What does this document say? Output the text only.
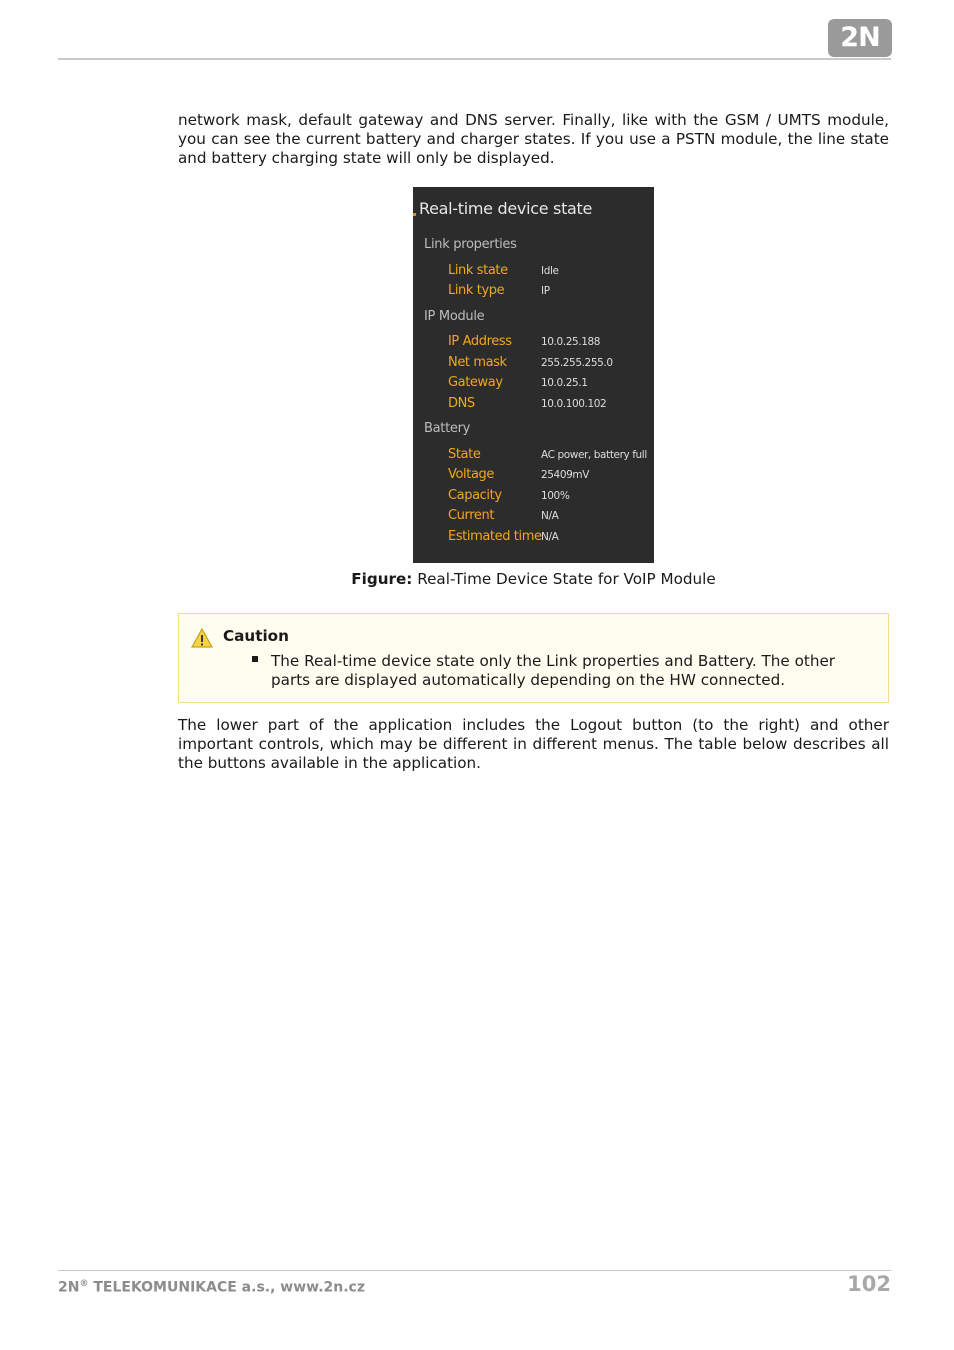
2N

network mask, default gateway and DNS server. Finally, like with the GSM / UMTS module, you can see the current battery and charger states. If you use a PSTN module, the line state and battery charging state will only be displayed.

Real-time device state
Link properties
Link state	Idle
Link type	IP
IP Module
IP Address	10.0.25.188
Net mask	255.255.255.0
Gateway	10.0.25.1
DNS	10.0.100.102
Battery
State	AC power, battery full
Voltage	25409mV
Capacity	100%
Current	N/A
Estimated time N/A
Figure: Real-Time Device State for VoIP Module
Caution

The Real-time device state only the Link properties and Battery. The other parts are displayed automatically depending on the HW connected.

The lower part of the application includes the Logout button (to the right) and other important controls, which may be different in different menus. The table below describes all the buttons available in the application.

2N® TELEKOMUNIKACE a.s., www.2n.cz	102
